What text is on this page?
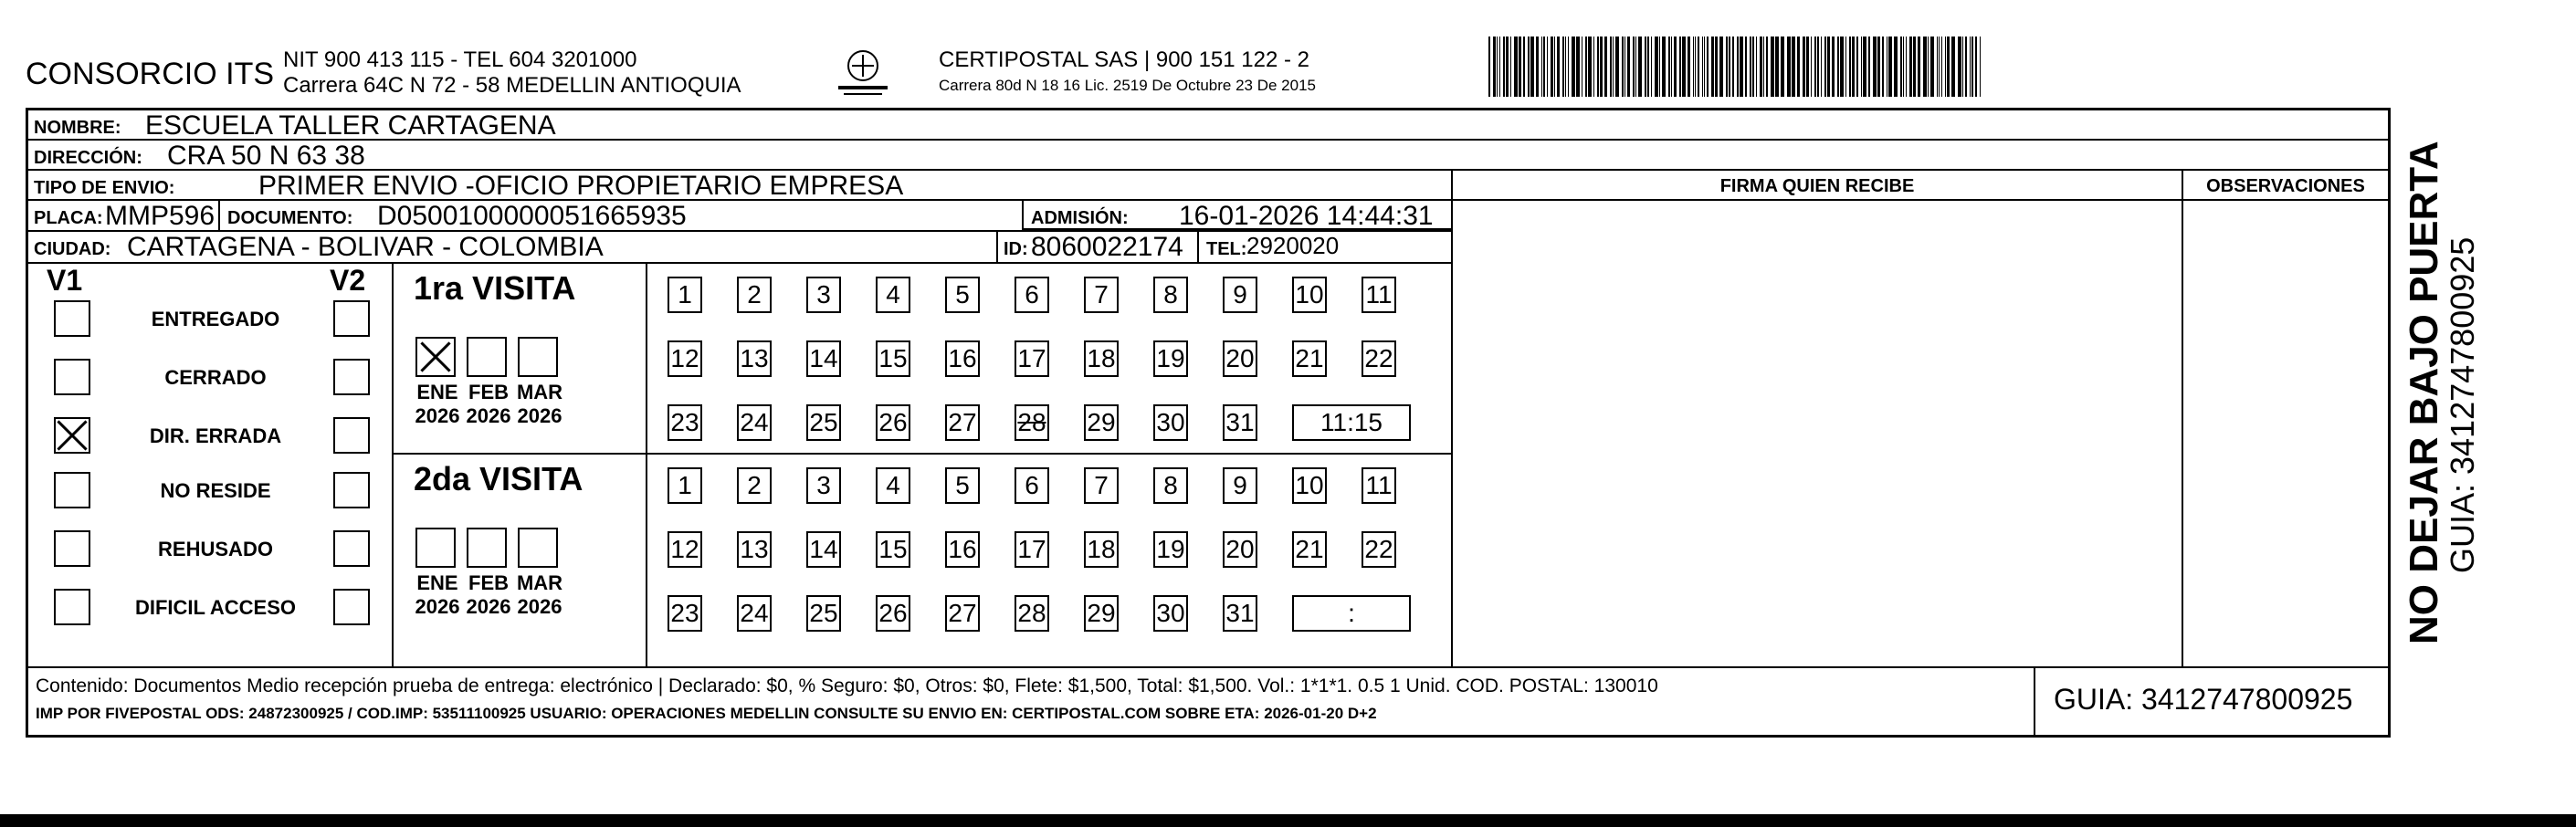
CONSORCIO ITS NIT 900 413 115 - TEL 604 3201000
Carrera 64C N 72 - 58 MEDELLIN ANTIOQUIA
CERTIPOSTAL SAS | 900 151 122 - 2
Carrera 80d N 18 16 Lic. 2519 De Octubre 23 De 2015
NOMBRE: ESCUELA TALLER CARTAGENA
DIRECCIÓN: CRA 50 N 63 38
TIPO DE ENVIO:	PRIMER ENVIO -OFICIO PROPIETARIO EMPRESA	FIRMA QUIEN RECIBE	OBSERVACIONES
PLACA: MMP596 DOCUMENTO: D0500100000051665935	ADMISIÓN: 16-01-2026 14:44:31
CIUDAD: CARTAGENA - BOLIVAR - COLOMBIA	ID: 8060022174 TEL: 2920020
V1	V2
ENTREGADO
CERRADO
DIR. ERRADA
NO RESIDE
REHUSADO
DIFICIL ACCESO
1ra VISITA
ENE
2026
FEB
2026
MAR
2026
1	2	3	4	5	6	7	8	9	10 11
12 13 14 15 16 17 18 19 20 21 22
23 24 25 26 27 28 29 30 31	11:15
2da VISITA
ENE
2026
FEB
2026
MAR
2026
1	2	3	4	5	6	7	8	9	10 11
12 13 14 15 16 17 18 19 20 21 22
23 24 25 26 27 28 29 30 31	:
Contenido: Documentos Medio recepción prueba de entrega: electrónico | Declarado: $0, % Seguro: $0, Otros: $0, Flete: $1,500, Total: $1,500. Vol.: 1*1*1. 0.5 1 Unid. COD. POSTAL: 130010
IMP POR FIVEPOSTAL ODS: 24872300925 / COD.IMP: 53511100925 USUARIO: OPERACIONES MEDELLIN CONSULTE SU ENVIO EN: CERTIPOSTAL.COM SOBRE ETA: 2026-01-20 D+2	GUIA: 3412747800925
NO DEJAR BAJO PUERTA
GUIA: 3412747800925
